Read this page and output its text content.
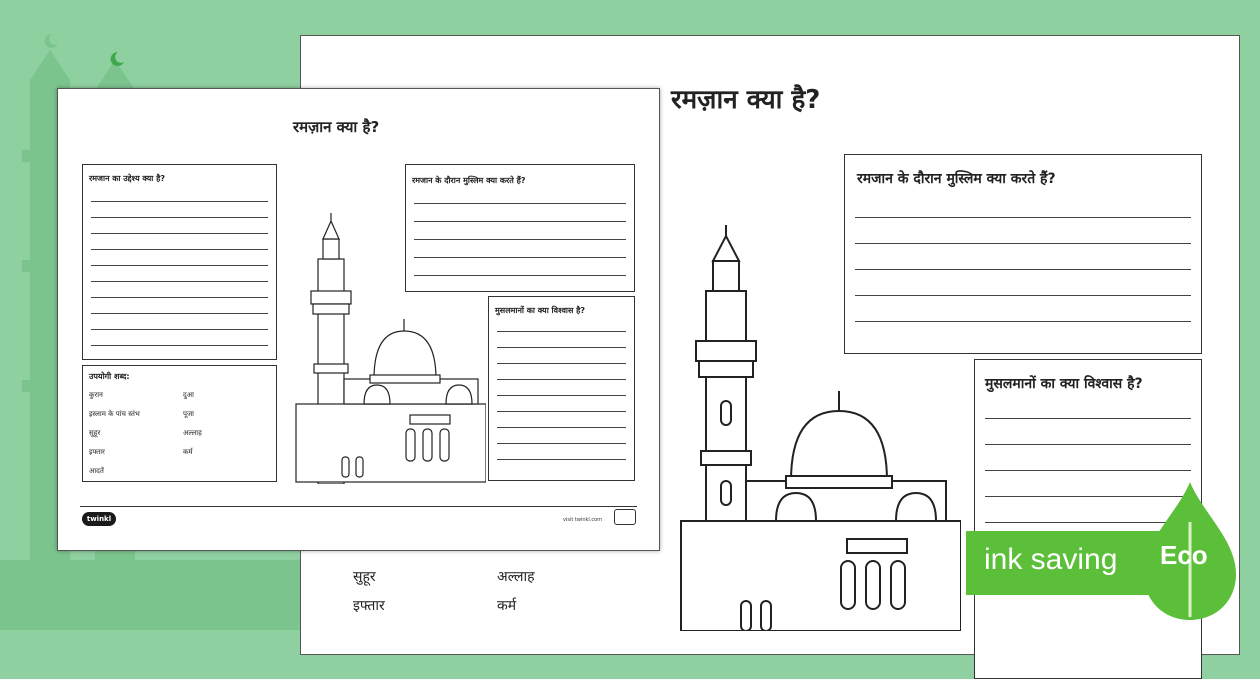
रमज़ान क्या है?
रमजान के दौरान मुस्लिम क्या करते हैं?
मुसलमानों का क्या विश्वास है?
सुहूर	अल्लाह
इफ्तार	कर्म
रमज़ान क्या है?
रमजान का उद्देश्य क्या है?
उपयोगी शब्द:
कुरान	दुआ
इस्लाम के पांच स्तंभ	पूजा
सुहूर	अल्लाह
इफ्तार	कर्म
आदतें
रमजान के दौरान मुस्लिम क्या करते हैं?
मुसलमानों का क्या विश्वास है?
twinkl	visit twinkl.com
ink saving Eco
